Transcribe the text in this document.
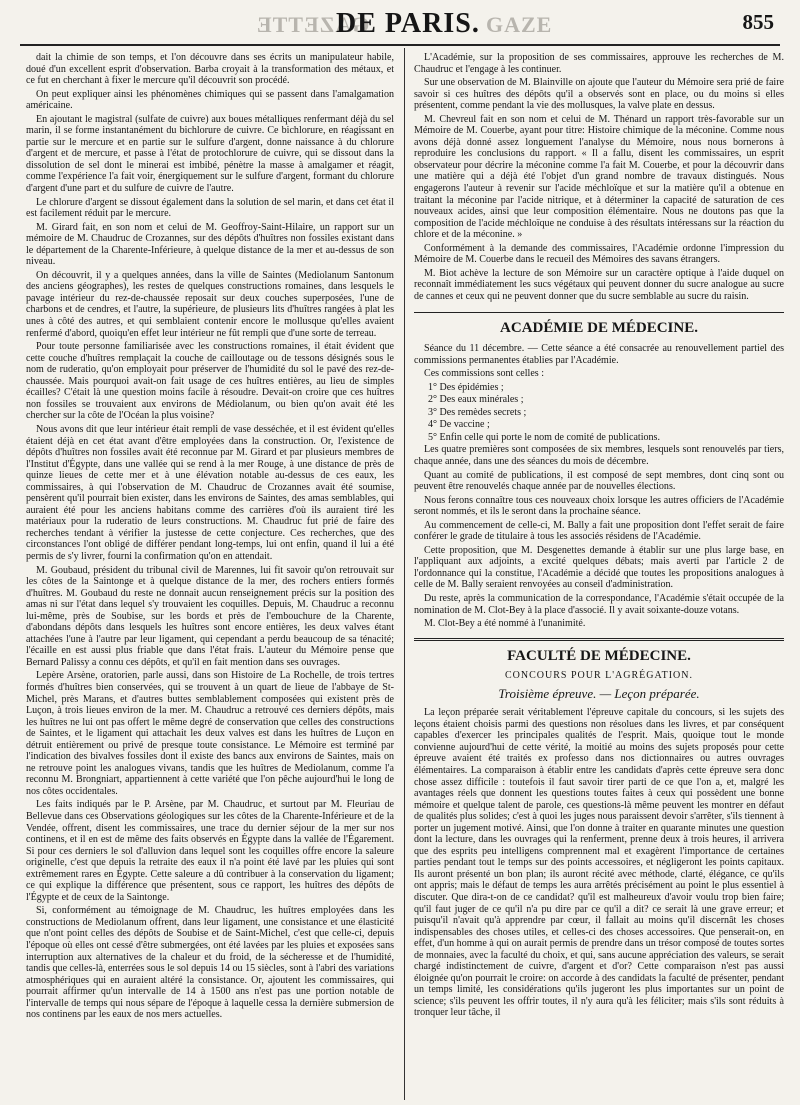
GAZETTE
DE PARIS. GAZE	855

dait la chimie de son temps, et l'on découvre dans ses écrits un manipulateur habile, doué d'un excellent esprit d'observation. Barba croyait à la transformation des métaux, et ce fut en cherchant à fixer le mercure qu'il découvrit son procédé.

On peut expliquer ainsi les phénomènes chimiques qui se passent dans l'amalgamation américaine.

En ajoutant le magistral (sulfate de cuivre) aux boues métalliques renfermant déjà du sel marin, il se forme instantanément du bichlorure de cuivre. Ce bichlorure, en réagissant en partie sur le mercure et en partie sur le sulfure d'argent, donne naissance à du chlorure d'argent et de mercure, et passe à l'état de protochlorure de cuivre, qui se dissout dans la dissolution de sel dont le minerai est imbibé, pénètre la masse à amalgamer et réagit, comme l'expérience l'a fait voir, énergiquement sur le sulfure d'argent, formant du chlorure d'argent d'une part et du sulfure de cuivre de l'autre.

Le chlorure d'argent se dissout également dans la solution de sel marin, et dans cet état il est facilement réduit par le mercure.

M. Girard fait, en son nom et celui de M. Geoffroy-Saint-Hilaire, un rapport sur un mémoire de M. Chaudruc de Crozannes, sur des dépôts d'huîtres non fossiles existant dans le département de la Charente-Inférieure, à quelque distance de la mer et au-dessus de son niveau.

On découvrit, il y a quelques années, dans la ville de Saintes (Mediolanum Santonum des anciens géographes), les restes de quelques constructions romaines, dans lesquels le pavage intérieur du rez-de-chaussée reposait sur deux couches superposées, l'une de charbons et de cendres, et l'autre, la supérieure, de plusieurs lits d'huîtres rangées à plat les unes à côté des autres, et qui semblaient contenir encore le mollusque qu'elles avaient renfermé d'abord, quoiqu'en effet leur intérieur ne fût rempli que d'une sorte de terreau.

Pour toute personne familiarisée avec les constructions romaines, il était évident que cette couche d'huîtres remplaçait la couche de cailloutage ou de tessons désignés sous le nom de ruderatio, qu'on employait pour préserver de l'humidité du sol le pavé des rez-de-chaussée. Mais pourquoi avait-on fait usage de ces huîtres entières, au lieu de simples écailles? C'était là une question moins facile à résoudre. Devait-on croire que ces huîtres non fossiles se trouvaient aux environs de Médiolanum, ou bien qu'on avait été les chercher sur la côte de l'Océan la plus voisine?

Nous avons dit que leur intérieur était rempli de vase desséchée, et il est évident qu'elles étaient déjà en cet état avant d'être employées dans la construction. Or, l'existence de dépôts d'huîtres non fossiles avait été reconnue par M. Girard et par plusieurs membres de l'Institut d'Égypte, dans une vallée qui se rend à la mer Rouge, à une distance de près de quinze lieues de cette mer et à une élévation notable au-dessus de ces eaux, les commissaires, à qui l'observation de M. Chaudruc de Crozannes avait été soumise, pensèrent qu'il pourrait bien exister, dans les environs de Saintes, des amas semblables, qui auraient été pour les anciens habitans comme des carrières d'où ils auraient tiré les matériaux pour la ruderatio de leurs constructions. M. Chaudruc fut prié de faire des recherches tendant à vérifier la justesse de cette conjecture. Ces recherches, que des circonstances l'ont obligé de différer pendant long-temps, lui ont enfin, quand il lui a été permis de s'y livrer, fourni la confirmation qu'on en attendait.

M. Goubaud, président du tribunal civil de Marennes, lui fit savoir qu'on retrouvait sur les côtes de la Saintonge et à quelque distance de la mer, des rochers entiers formés d'huîtres. M. Goubaud du reste ne donnait aucun renseignement précis sur la position des amas ni sur l'état dans lequel s'y trouvaient les coquilles. Depuis, M. Chaudruc a reconnu lui-même, près de Soubise, sur les bords et près de l'embouchure de la Charente, d'abondans dépôts dans lesquels les huîtres sont encore entières, les deux valves étant attachées l'une à l'autre par leur ligament, qui cependant a perdu beaucoup de sa ténacité; l'écaille en est aussi plus friable que dans l'état frais. L'auteur du Mémoire pense que Bernard Palissy a connu ces dépôts, et qu'il en fait mention dans ses ouvrages.

Lepère Arsène, oratorien, parle aussi, dans son Histoire de La Rochelle, de trois tertres formés d'huîtres bien conservées, qui se trouvent à un quart de lieue de l'abbaye de St-Michel, près Marans, et d'autres buttes semblablement composées qui existent près de Luçon, à trois lieues environ de la mer. M. Chaudruc a retrouvé ces derniers dépôts, mais les huîtres ne lui ont pas offert le même degré de conservation que celles des constructions de Saintes, et le ligament qui attachait les deux valves est dans les huîtres de Luçon en détruit entièrement ou privé de presque toute consistance. Le Mémoire est terminé par l'indication des bivalves fossiles dont il existe des bancs aux environs de Saintes, mais on ne retrouve point les analogues vivans, tandis que les huîtres de Mediolanum, comme l'a reconnu M. Brongniart, appartiennent à cette variété que l'on pêche aujourd'hui le long de nos côtes occidentales.

Les faits indiqués par le P. Arsène, par M. Chaudruc, et surtout par M. Fleuriau de Bellevue dans ces Observations géologiques sur les côtes de la Charente-Inférieure et de la Vendée, offrent, disent les commissaires, une trace du dernier séjour de la mer sur nos continens, et il en est de même des faits observés en Égypte dans la vallée de l'Égarement. Si pour ces derniers le sol d'alluvion dans lequel sont les coquilles offre encore la saleure originelle, c'est que depuis la retraite des eaux il n'a point été lavé par les pluies qui sont extrêmement rares en Égypte. Cette saleure a dû contribuer à la conservation du ligament; ce qui explique la différence que présentent, sous ce rapport, les huîtres des dépôts de l'Égypte et de ceux de la Saintonge.

Si, conformément au témoignage de M. Chaudruc, les huîtres employées dans les constructions de Mediolanum offrent, dans leur ligament, une consistance et une élasticité que n'ont point celles des dépôts de Soubise et de Saint-Michel, c'est que celle-ci, depuis l'époque où elles ont cessé d'être submergées, ont été lavées par les pluies et exposées sans interruption aux alternatives de la chaleur et du froid, de la sécheresse et de l'humidité, tandis que celles-là, enterrées sous le sol depuis 14 ou 15 siècles, sont à l'abri des variations atmosphériques qui en auraient altéré la consistance. Or, ajoutent les commissaires, qui pourrait affirmer qu'un intervalle de 14 à 1500 ans n'est pas une portion notable de l'intervalle de temps qui nous sépare de l'époque à laquelle cessa la dernière submersion de nos continens par les eaux de nos mers actuelles.

L'Académie, sur la proposition de ses commissaires, approuve les recherches de M. Chaudruc et l'engage à les continuer.

Sur une observation de M. Blainville on ajoute que l'auteur du Mémoire sera prié de faire savoir si ces huîtres des dépôts qu'il a observés sont en place, ou du moins si elles présentent, comme pendant la vie des mollusques, la valve plate en dessus.

M. Chevreul fait en son nom et celui de M. Thénard un rapport très-favorable sur un Mémoire de M. Couerbe, ayant pour titre: Histoire chimique de la méconine. Comme nous avons déjà donné assez longuement l'analyse du Mémoire, nous nous bornerons à reproduire les conclusions du rapport. « Il a fallu, disent les commissaires, un esprit observateur pour décrire la méconine comme l'a fait M. Couerbe, et pour la découvrir dans une matière qui a déjà été l'objet d'un grand nombre de travaux distingués. Nous engagerons l'auteur à revenir sur l'acide méchloïque et sur la matière qu'il a obtenue en traitant la méconine par l'acide nitrique, et à déterminer la capacité de saturation de ces nouveaux acides, ainsi que leur composition élémentaire. Nous ne doutons pas que la composition de l'acide méchloïque ne conduise à des résultats intéressans sur la réaction du chlore et de la méconine. »

Conformément à la demande des commissaires, l'Académie ordonne l'impression du Mémoire de M. Couerbe dans le recueil des Mémoires des savans étrangers.

M. Biot achève la lecture de son Mémoire sur un caractère optique à l'aide duquel on reconnaît immédiatement les sucs végétaux qui peuvent donner du sucre analogue au sucre de cannes et ceux qui ne peuvent donner que du sucre semblable au sucre du raisin.

ACADÉMIE DE MÉDECINE.

Séance du 11 décembre. — Cette séance a été consacrée au renouvellement partiel des commissions permanentes établies par l'Académie.

Ces commissions sont celles :

1° Des épidémies ;
2° Des eaux minérales ;
3° Des remèdes secrets ;
4° De vaccine ;
5° Enfin celle qui porte le nom de comité de publications.

Les quatre premières sont composées de six membres, lesquels sont renouvelés par tiers, chaque année, dans une des séances du mois de décembre.

Quant au comité de publications, il est composé de sept membres, dont cinq sont ou peuvent être renouvelés chaque année par de nouvelles élections.

Nous ferons connaître tous ces nouveaux choix lorsque les autres officiers de l'Académie seront nommés, et ils le seront dans la prochaine séance.

Au commencement de celle-ci, M. Bally a fait une proposition dont l'effet serait de faire conférer le grade de titulaire à tous les associés résidens de l'Académie.

Cette proposition, que M. Desgenettes demande à établir sur une plus large base, en l'appliquant aux adjoints, a excité quelques débats; mais averti par l'article 2 de l'ordonnance qui la constitue, l'Académie a décidé que toutes les propositions analogues à celle de M. Bally seraient renvoyées au conseil d'administration.

Du reste, après la communication de la correspondance, l'Académie s'était occupée de la nomination de M. Clot-Bey à la place d'associé. Il y avait soixante-douze votans.

M. Clot-Bey a été nommé à l'unanimité.

FACULTÉ DE MÉDECINE.
CONCOURS POUR L'AGRÉGATION.
Troisième épreuve. — Leçon préparée.

La leçon préparée serait véritablement l'épreuve capitale du concours, si les sujets des leçons étaient choisis parmi des questions non résolues dans les livres, et par conséquent capables d'exercer les principales qualités de l'esprit. Mais, quoique tout le monde convienne aujourd'hui de cette vérité, la moitié au moins des sujets proposés pour cette épreuve avaient été traités ex professo dans nos dictionnaires ou autres ouvrages élémentaires. La comparaison à établir entre les candidats d'après cette épreuve sera donc chose assez difficile : toutefois il faut savoir tirer parti de ce que l'on a, et, malgré les avantages réels que donnent les questions toutes faites à ceux qui possèdent une bonne mémoire et quelque talent de parole, ces questions-là même peuvent les montrer en défaut de qualités plus solides; c'est à quoi les juges nous paraissent devoir s'arrêter, s'ils tiennent à porter un jugement motivé. Ainsi, que l'on donne à traiter en quarante minutes une question dont la lecture, dans les ouvrages qui la renferment, prenne deux à trois heures, il arrivera que des esprits peu intelligens comprennent mal et exagèrent l'importance de certaines parties pendant tout le temps sur des points accessoires, et négligeront les points capitaux. Ils auront présenté un bon plan; ils auront récité avec méthode, clarté, élégance, ce qu'ils ont appris; mais le défaut de temps les aura arrêtés précisément au point le plus essentiel à discuter. Que dira-t-on de ce candidat? qu'il est malheureux d'avoir voulu trop bien faire; qu'il faut juger de ce qu'il n'a pu dire par ce qu'il a dit? ce serait là une grave erreur; et puisqu'il n'avait qu'à apprendre par cœur, il fallait au moins qu'il discernât les choses indispensables des choses utiles, et celles-ci des choses accessoires. Que penserait-on, en effet, d'un homme à qui on aurait permis de prendre dans un trésor composé de toutes sortes de monnaies, avec la faculté du choix, et qui, sans aucune appréciation des valeurs, se serait chargé indistinctement de cuivre, d'argent et d'or? Cette comparaison n'est pas aussi éloignée qu'on pourrait le croire: on accorde à des candidats la faculté de présenter, pendant un temps limité, les considérations qu'ils jugeront les plus importantes sur un point de science; s'ils peuvent les offrir toutes, il n'y aura qu'à les féliciter; mais s'ils sont réduits à tronquer leur tâche, il
